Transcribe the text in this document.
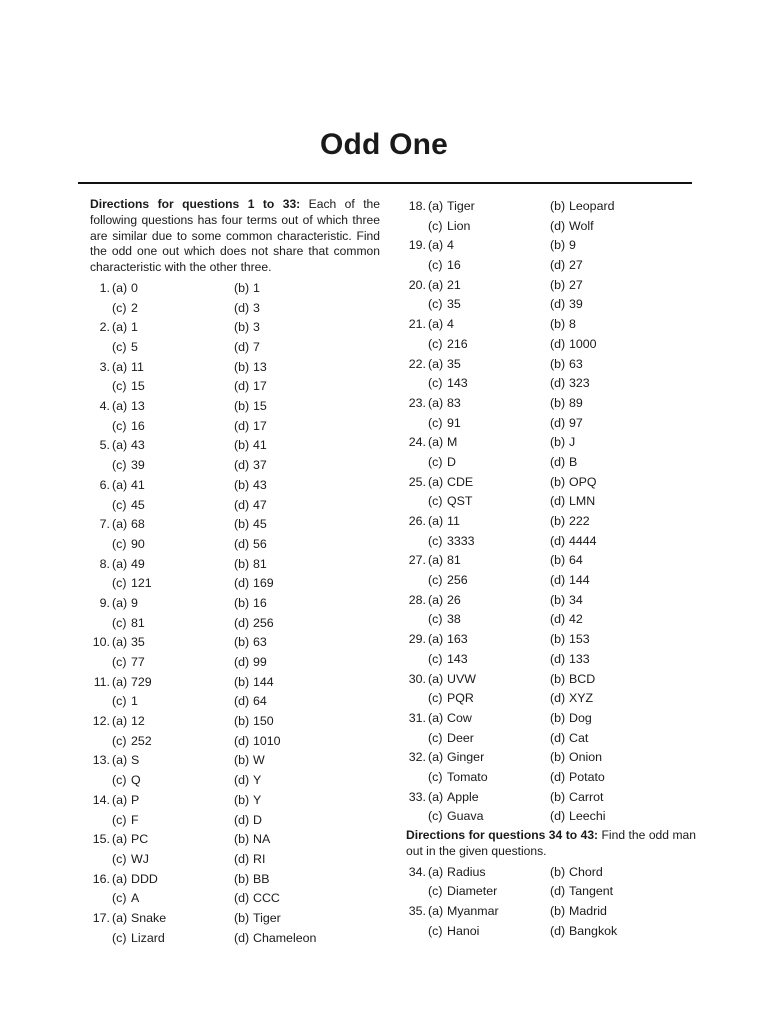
Odd One
Directions for questions 1 to 33: Each of the following questions has four terms out of which three are similar due to some common characteristic. Find the odd one out which does not share that common characteristic with the other three.
1. (a) 0	(b) 1
(c) 2	(d) 3
2. (a) 1	(b) 3
(c) 5	(d) 7
3. (a) 11	(b) 13
(c) 15	(d) 17
4. (a) 13	(b) 15
(c) 16	(d) 17
5. (a) 43	(b) 41
(c) 39	(d) 37
6. (a) 41	(b) 43
(c) 45	(d) 47
7. (a) 68	(b) 45
(c) 90	(d) 56
8. (a) 49	(b) 81
(c) 121	(d) 169
9. (a) 9	(b) 16
(c) 81	(d) 256
10. (a) 35	(b) 63
(c) 77	(d) 99
11. (a) 729	(b) 144
(c) 1	(d) 64
12. (a) 12	(b) 150
(c) 252	(d) 1010
13. (a) S	(b) W
(c) Q	(d) Y
14. (a) P	(b) Y
(c) F	(d) D
15. (a) PC	(b) NA
(c) WJ	(d) RI
16. (a) DDD	(b) BB
(c) A	(d) CCC
17. (a) Snake	(b) Tiger
(c) Lizard	(d) Chameleon
18. (a) Tiger	(b) Leopard
(c) Lion	(d) Wolf
19. (a) 4	(b) 9
(c) 16	(d) 27
20. (a) 21	(b) 27
(c) 35	(d) 39
21. (a) 4	(b) 8
(c) 216	(d) 1000
22. (a) 35	(b) 63
(c) 143	(d) 323
23. (a) 83	(b) 89
(c) 91	(d) 97
24. (a) M	(b) J
(c) D	(d) B
25. (a) CDE	(b) OPQ
(c) QST	(d) LMN
26. (a) 11	(b) 222
(c) 3333	(d) 4444
27. (a) 81	(b) 64
(c) 256	(d) 144
28. (a) 26	(b) 34
(c) 38	(d) 42
29. (a) 163	(b) 153
(c) 143	(d) 133
30. (a) UVW	(b) BCD
(c) PQR	(d) XYZ
31. (a) Cow	(b) Dog
(c) Deer	(d) Cat
32. (a) Ginger	(b) Onion
(c) Tomato	(d) Potato
33. (a) Apple	(b) Carrot
(c) Guava	(d) Leechi
Directions for questions 34 to 43: Find the odd man out in the given questions.
34. (a) Radius	(b) Chord
(c) Diameter	(d) Tangent
35. (a) Myanmar	(b) Madrid
(c) Hanoi	(d) Bangkok
